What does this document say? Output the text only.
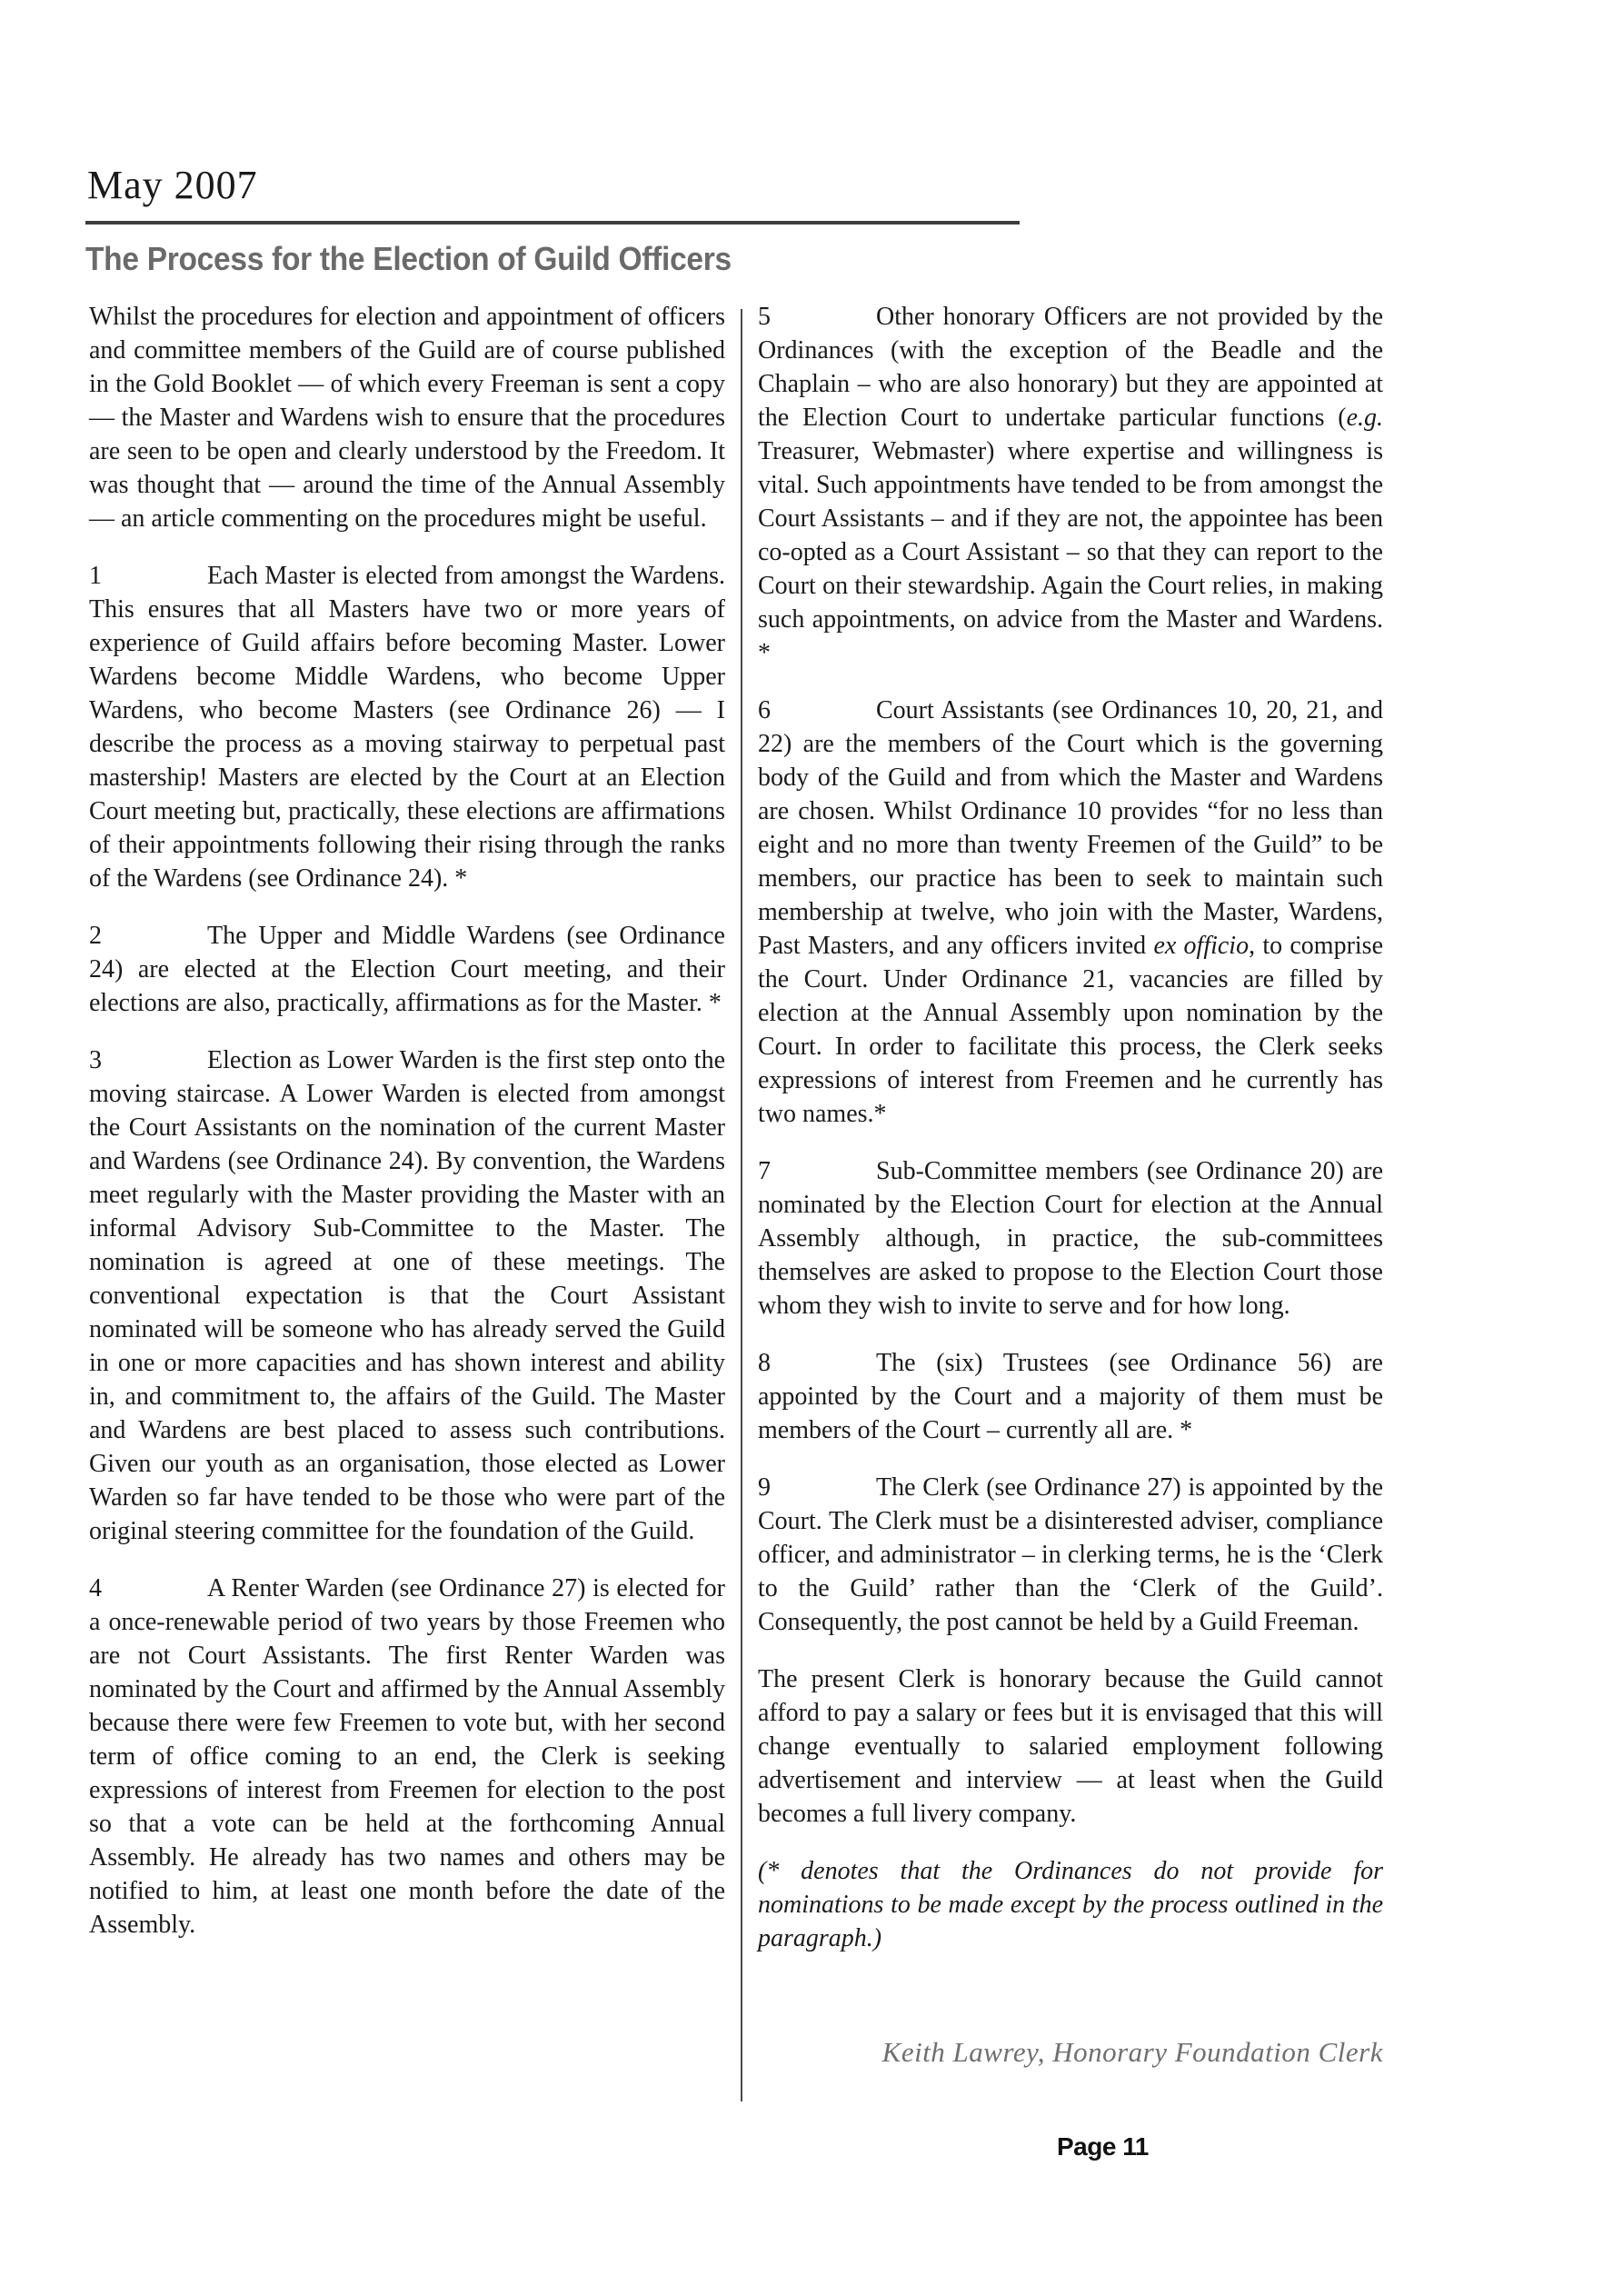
May 2007
The Process for the Election of Guild Officers

Whilst the procedures for election and appointment of officers and committee members of the Guild are of course published in the Gold Booklet — of which every Freeman is sent a copy — the Master and Wardens wish to ensure that the procedures are seen to be open and clearly understood by the Freedom. It was thought that — around the time of the Annual Assembly — an article commenting on the procedures might be useful.

1	Each Master is elected from amongst the Wardens. This ensures that all Masters have two or more years of experience of Guild affairs before becoming Master. Lower Wardens become Middle Wardens, who become Upper Wardens, who become Masters (see Ordinance 26) — I describe the process as a moving stairway to perpetual past mastership! Masters are elected by the Court at an Election Court meeting but, practically, these elections are affirmations of their appointments following their rising through the ranks of the Wardens (see Ordinance 24). *

2	The Upper and Middle Wardens (see Ordinance 24) are elected at the Election Court meeting, and their elections are also, practically, affirmations as for the Master. *

3	Election as Lower Warden is the first step onto the moving staircase. A Lower Warden is elected from amongst the Court Assistants on the nomination of the current Master and Wardens (see Ordinance 24). By convention, the Wardens meet regularly with the Master providing the Master with an informal Advisory Sub-Committee to the Master. The nomination is agreed at one of these meetings. The conventional expectation is that the Court Assistant nominated will be someone who has already served the Guild in one or more capacities and has shown interest and ability in, and commitment to, the affairs of the Guild. The Master and Wardens are best placed to assess such contributions. Given our youth as an organisation, those elected as Lower Warden so far have tended to be those who were part of the original steering committee for the foundation of the Guild.

4	A Renter Warden (see Ordinance 27) is elected for a once-renewable period of two years by those Freemen who are not Court Assistants. The first Renter Warden was nominated by the Court and affirmed by the Annual Assembly because there were few Freemen to vote but, with her second term of office coming to an end, the Clerk is seeking expressions of interest from Freemen for election to the post so that a vote can be held at the forthcoming Annual Assembly. He already has two names and others may be notified to him, at least one month before the date of the Assembly.

5	Other honorary Officers are not provided by the Ordinances (with the exception of the Beadle and the Chaplain – who are also honorary) but they are appointed at the Election Court to undertake particular functions (e.g. Treasurer, Webmaster) where expertise and willingness is vital. Such appointments have tended to be from amongst the Court Assistants – and if they are not, the appointee has been co-opted as a Court Assistant – so that they can report to the Court on their stewardship. Again the Court relies, in making such appointments, on advice from the Master and Wardens. *

6	Court Assistants (see Ordinances 10, 20, 21, and 22) are the members of the Court which is the governing body of the Guild and from which the Master and Wardens are chosen. Whilst Ordinance 10 provides “for no less than eight and no more than twenty Freemen of the Guild” to be members, our practice has been to seek to maintain such membership at twelve, who join with the Master, Wardens, Past Masters, and any officers invited ex officio, to comprise the Court. Under Ordinance 21, vacancies are filled by election at the Annual Assembly upon nomination by the Court. In order to facilitate this process, the Clerk seeks expressions of interest from Freemen and he currently has two names.*

7	Sub-Committee members (see Ordinance 20) are nominated by the Election Court for election at the Annual Assembly although, in practice, the sub-committees themselves are asked to propose to the Election Court those whom they wish to invite to serve and for how long.

8	The (six) Trustees (see Ordinance 56) are appointed by the Court and a majority of them must be members of the Court – currently all are. *

9	The Clerk (see Ordinance 27) is appointed by the Court. The Clerk must be a disinterested adviser, compliance officer, and administrator – in clerking terms, he is the ‘Clerk to the Guild’ rather than the ‘Clerk of the Guild’. Consequently, the post cannot be held by a Guild Freeman.

The present Clerk is honorary because the Guild cannot afford to pay a salary or fees but it is envisaged that this will change eventually to salaried employment following advertisement and interview — at least when the Guild becomes a full livery company.

(* denotes that the Ordinances do not provide for nominations to be made except by the process outlined in the paragraph.)

Keith Lawrey, Honorary Foundation Clerk
Page 11
